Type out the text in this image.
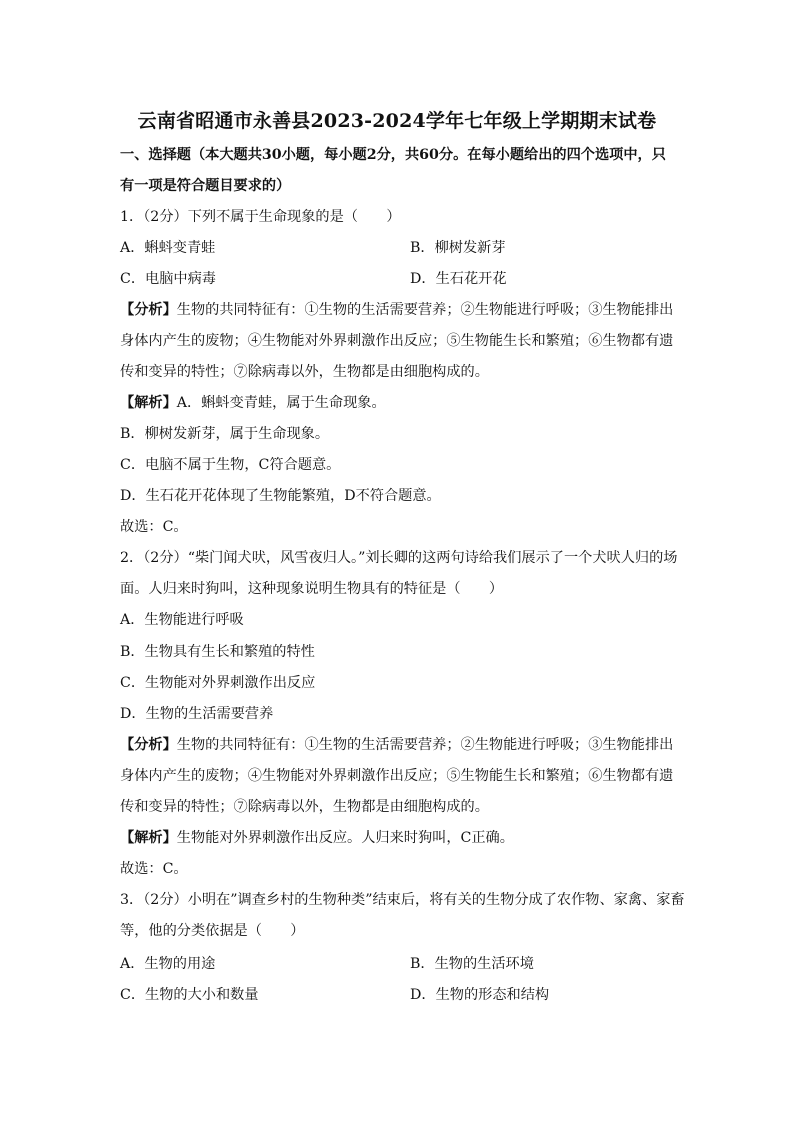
云南省昭通市永善县2023-2024学年七年级上学期期末试卷
一、选择题（本大题共30小题，每小题2分，共60分。在每小题给出的四个选项中，只
有一项是符合题目要求的）
1．（2分）下列不属于生命现象的是（　　）
A．蝌蚪变青蛙	B．柳树发新芽
C．电脑中病毒	D．生石花开花
【分析】生物的共同特征有：①生物的生活需要营养；②生物能进行呼吸；③生物能排出
身体内产生的废物；④生物能对外界刺激作出反应；⑤生物能生长和繁殖；⑥生物都有遗
传和变异的特性；⑦除病毒以外，生物都是由细胞构成的。
【解析】A．蝌蚪变青蛙，属于生命现象。
B．柳树发新芽，属于生命现象。
C．电脑不属于生物，C符合题意。
D．生石花开花体现了生物能繁殖，D不符合题意。
故选：C。
2．（2分）“柴门闻犬吠，风雪夜归人。”刘长卿的这两句诗给我们展示了一个犬吠人归的场
面。人归来时狗叫，这种现象说明生物具有的特征是（　　）
A．生物能进行呼吸
B．生物具有生长和繁殖的特性
C．生物能对外界刺激作出反应
D．生物的生活需要营养
【分析】生物的共同特征有：①生物的生活需要营养；②生物能进行呼吸；③生物能排出
身体内产生的废物；④生物能对外界刺激作出反应；⑤生物能生长和繁殖；⑥生物都有遗
传和变异的特性；⑦除病毒以外，生物都是由细胞构成的。
【解析】生物能对外界刺激作出反应。人归来时狗叫，C正确。
故选：C。
3．（2分）小明在”调查乡村的生物种类”结束后，将有关的生物分成了农作物、家禽、家畜
等，他的分类依据是（　　）
A．生物的用途	B．生物的生活环境
C．生物的大小和数量	D．生物的形态和结构
